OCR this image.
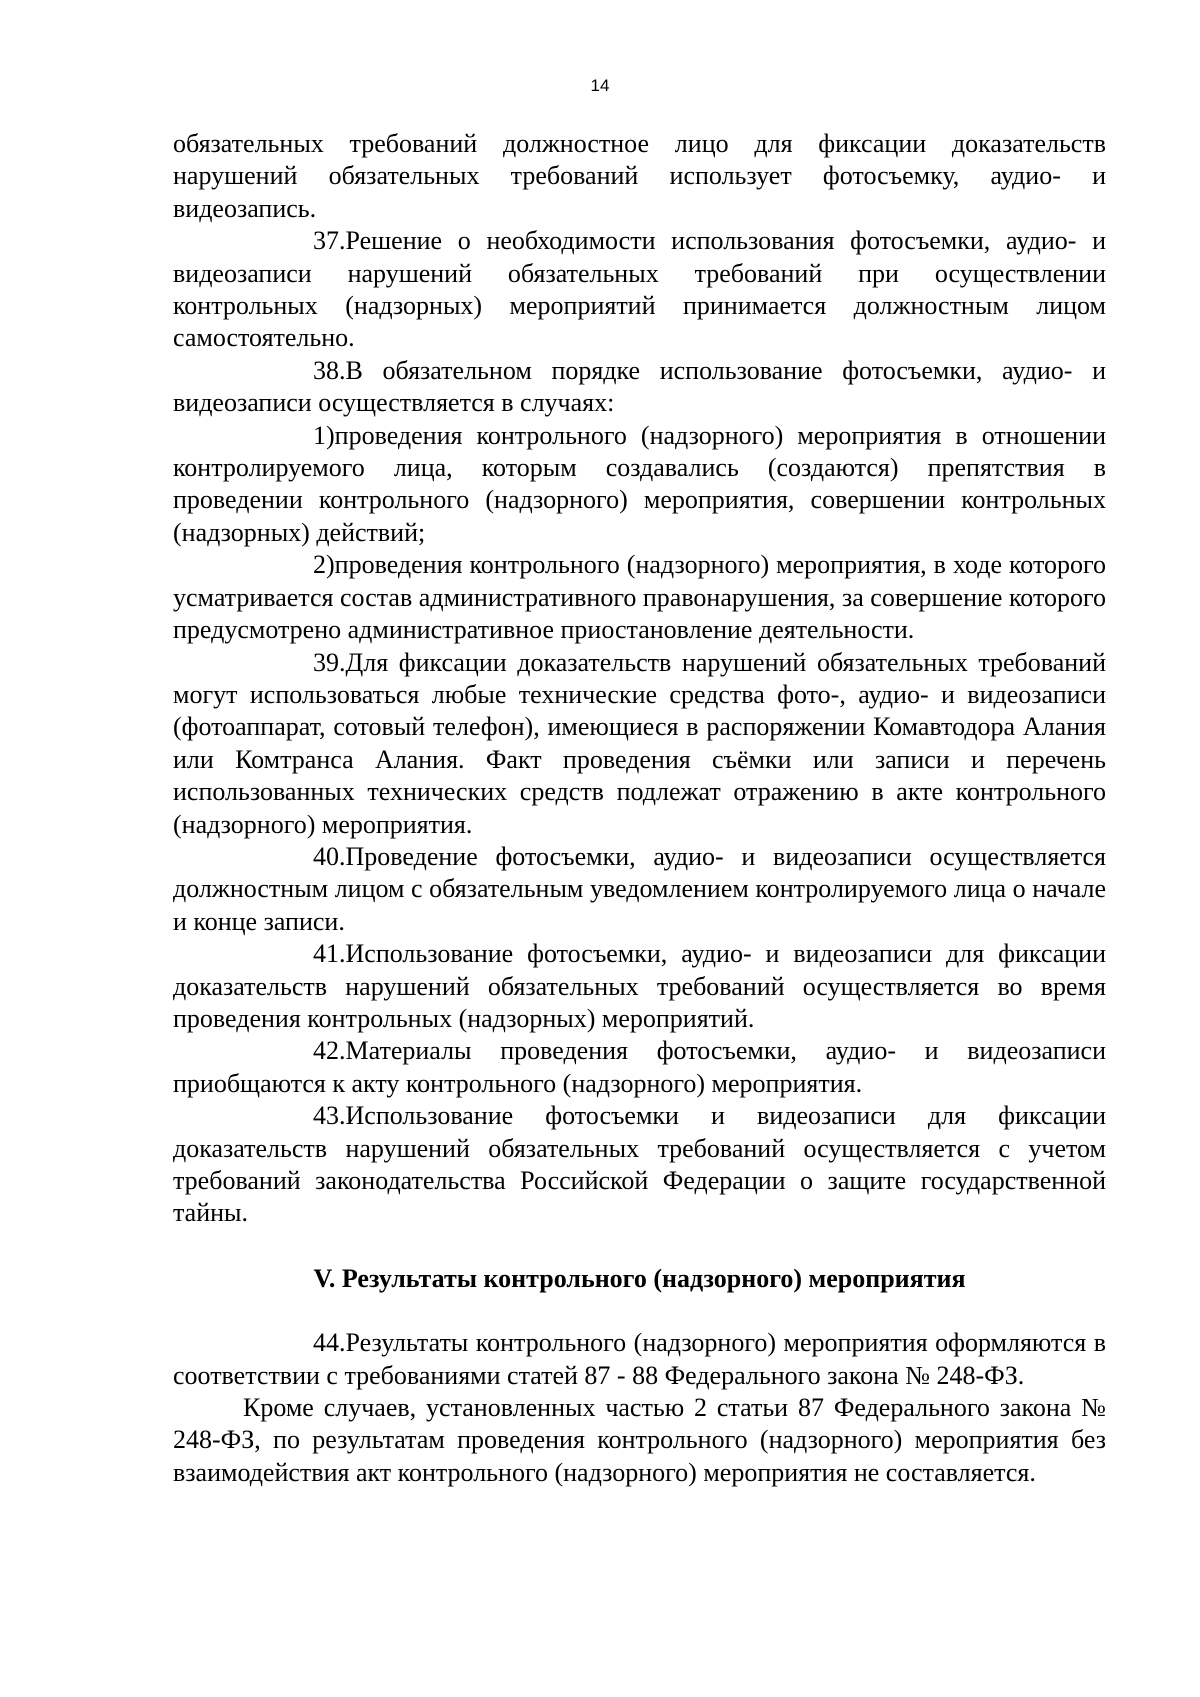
14

обязательных требований должностное лицо для фиксации доказательств нарушений обязательных требований использует фотосъемку, аудио- и видеозапись.

37.Решение о необходимости использования фотосъемки, аудио- и видеозаписи нарушений обязательных требований при осуществлении контрольных (надзорных) мероприятий принимается должностным лицом самостоятельно.

38.В обязательном порядке использование фотосъемки, аудио- и видеозаписи осуществляется в случаях:

1)проведения контрольного (надзорного) мероприятия в отношении контролируемого лица, которым создавались (создаются) препятствия в проведении контрольного (надзорного) мероприятия, совершении контрольных (надзорных) действий;

2)проведения контрольного (надзорного) мероприятия, в ходе которого усматривается состав административного правонарушения, за совершение которого предусмотрено административное приостановление деятельности.

39.Для фиксации доказательств нарушений обязательных требований могут использоваться любые технические средства фото-, аудио- и видеозаписи (фотоаппарат, сотовый телефон), имеющиеся в распоряжении Комавтодора Алания или Комтранса Алания. Факт проведения съёмки или записи и перечень использованных технических средств подлежат отражению в акте контрольного (надзорного) мероприятия.

40.Проведение фотосъемки, аудио- и видеозаписи осуществляется должностным лицом с обязательным уведомлением контролируемого лица о начале и конце записи.

41.Использование фотосъемки, аудио- и видеозаписи для фиксации доказательств нарушений обязательных требований осуществляется во время проведения контрольных (надзорных) мероприятий.

42.Материалы проведения фотосъемки, аудио- и видеозаписи приобщаются к акту контрольного (надзорного) мероприятия.

43.Использование фотосъемки и видеозаписи для фиксации доказательств нарушений обязательных требований осуществляется с учетом требований законодательства Российской Федерации о защите государственной тайны.

V. Результаты контрольного (надзорного) мероприятия

44.Результаты контрольного (надзорного) мероприятия оформляются в соответствии с требованиями статей 87 - 88 Федерального закона № 248-ФЗ.

Кроме случаев, установленных частью 2 статьи 87 Федерального закона № 248-ФЗ, по результатам проведения контрольного (надзорного) мероприятия без взаимодействия акт контрольного (надзорного) мероприятия не составляется.
